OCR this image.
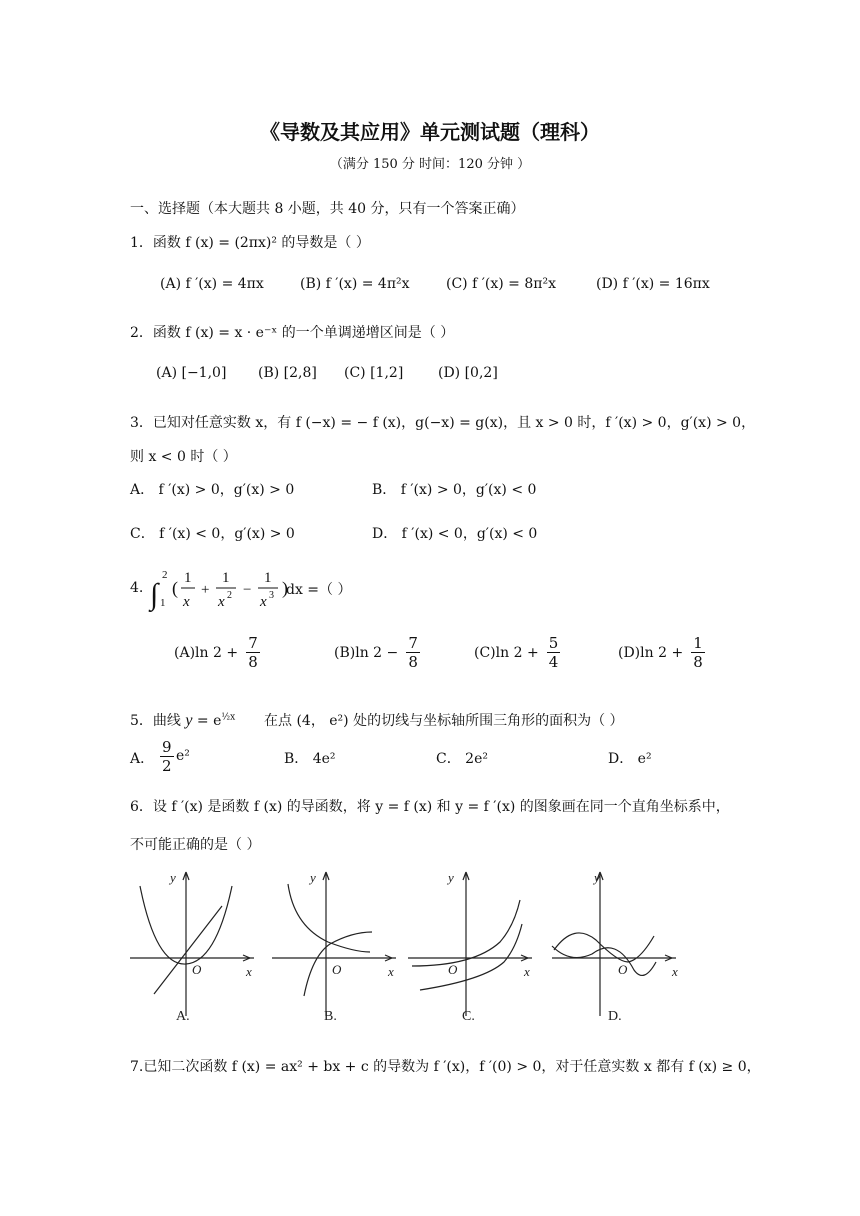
《导数及其应用》单元测试题（理科）
（满分 150 分 时间：120 分钟 ）
一、选择题（本大题共 8 小题，共 40 分，只有一个答案正确）
1．函数 f (x) = (2πx)² 的导数是（ ）
(A) f ′(x) = 4πx	(B) f ′(x) = 4π²x	(C) f ′(x) = 8π²x	(D) f ′(x) = 16πx
2．函数 f (x) = x · e⁻ˣ 的一个单调递增区间是（ ）
(A) [−1,0] (B) [2,8] (C) [1,2] (D) [0,2]
3．已知对任意实数 x，有 f (−x) = − f (x)，g(−x) = g(x)，且 x > 0 时，f ′(x) > 0，g′(x) > 0，
则 x < 0 时（ ）
A． f ′(x) > 0，g′(x) > 0	B． f ′(x) > 0，g′(x) < 0
C． f ′(x) < 0，g′(x) > 0	D． f ′(x) < 0，g′(x) < 0
4. ∫
2
1
( 1
x
+
1
x 2 −
1
x 3 )
dx =（ ）
(A)ln $2 + \frac{7}{8}$	(B)ln $2 - \frac{7}{8}$	(C)ln $2 + \frac{5}{4}$	(D)ln $2 + \frac{1}{8}$
5．曲线 $y = e^{\frac{1}{2}x}$ 在点 (4， e²) 处的切线与坐标轴所围三角形的面积为（ ）
A． $\frac{9}{2} e^2$	B． 4e²	C． 2e²	D． e²
6．设 f ′(x) 是函数 f (x) 的导函数，将 y = f (x) 和 y = f ′(x) 的图象画在同一个直角坐标系中，
不可能正确的是（ ）
y
x
O
A.
y
x
O
B.
y
x
O
C.
y
x
O
D.
7.已知二次函数 f (x) = ax² + bx + c 的导数为 f ′(x)，f ′(0) > 0，对于任意实数 x 都有 f (x) ≥ 0，
